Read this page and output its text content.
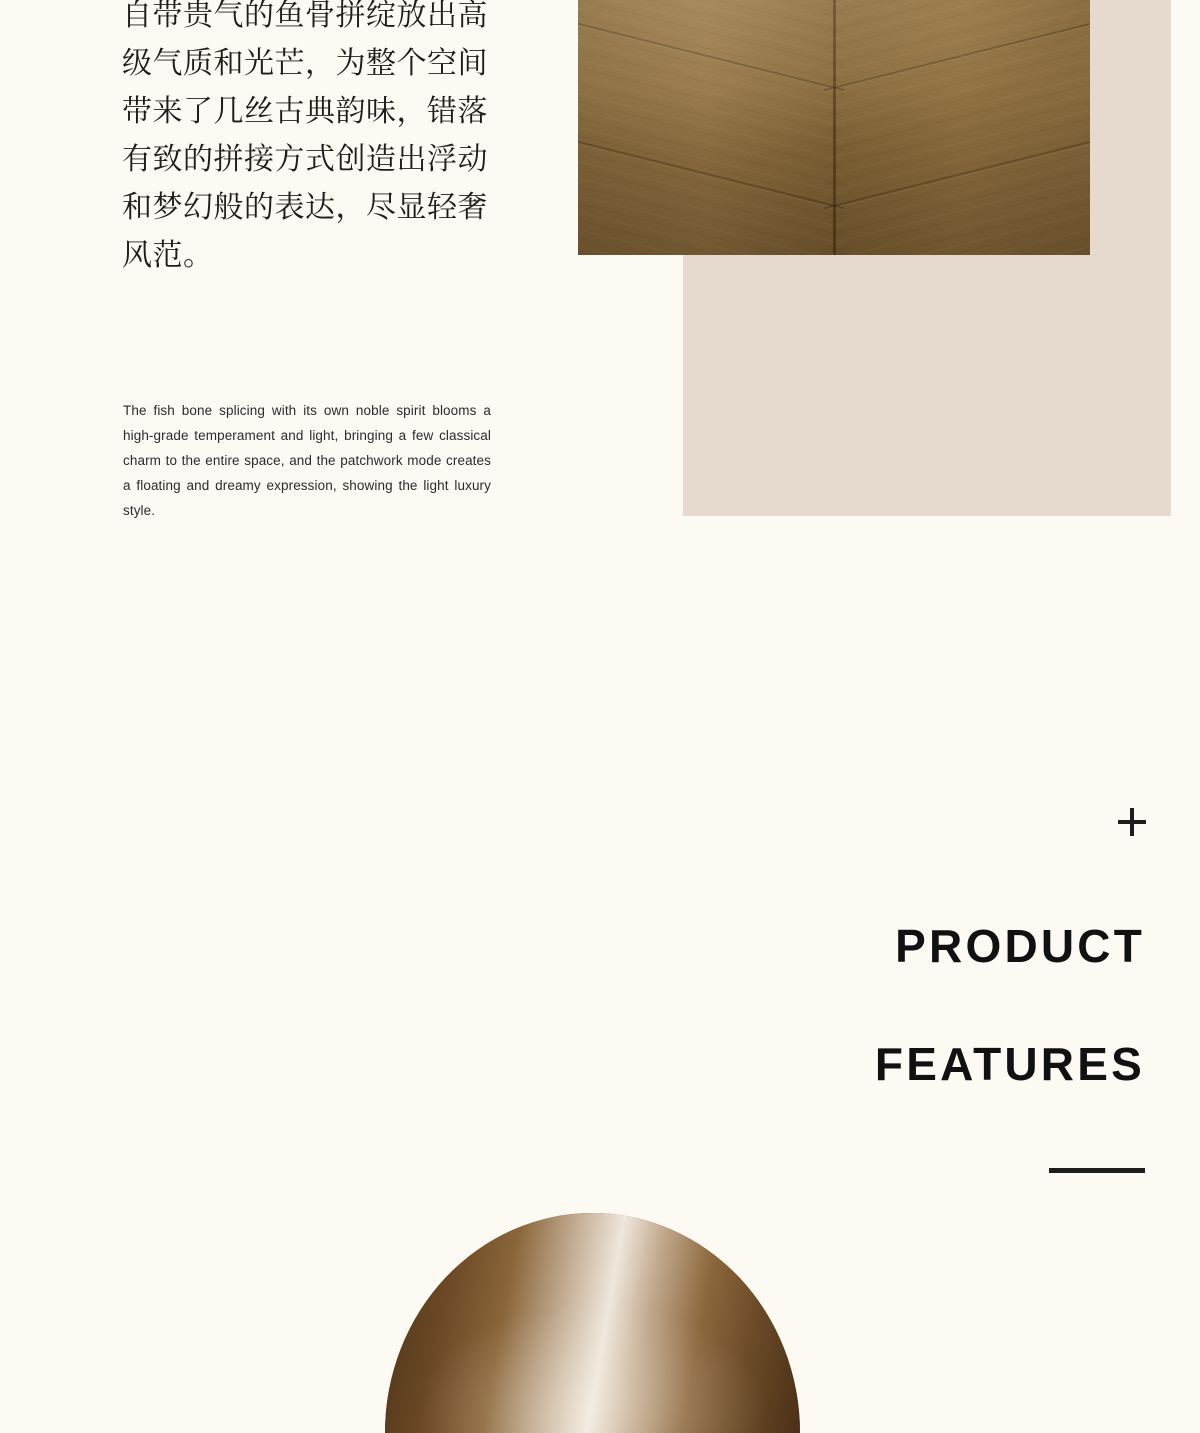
自带贵气的鱼骨拼绽放出高级气质和光芒，为整个空间带来了几丝古典韵味，错落有致的拼接方式创造出浮动和梦幻般的表达，尽显轻奢风范。
The fish bone splicing with its own noble spirit blooms a high-grade temperament and light, bringing a few classical charm to the entire space, and the patchwork mode creates a floating and dreamy expression, showing the light luxury style.
PRODUCT
FEATURES
